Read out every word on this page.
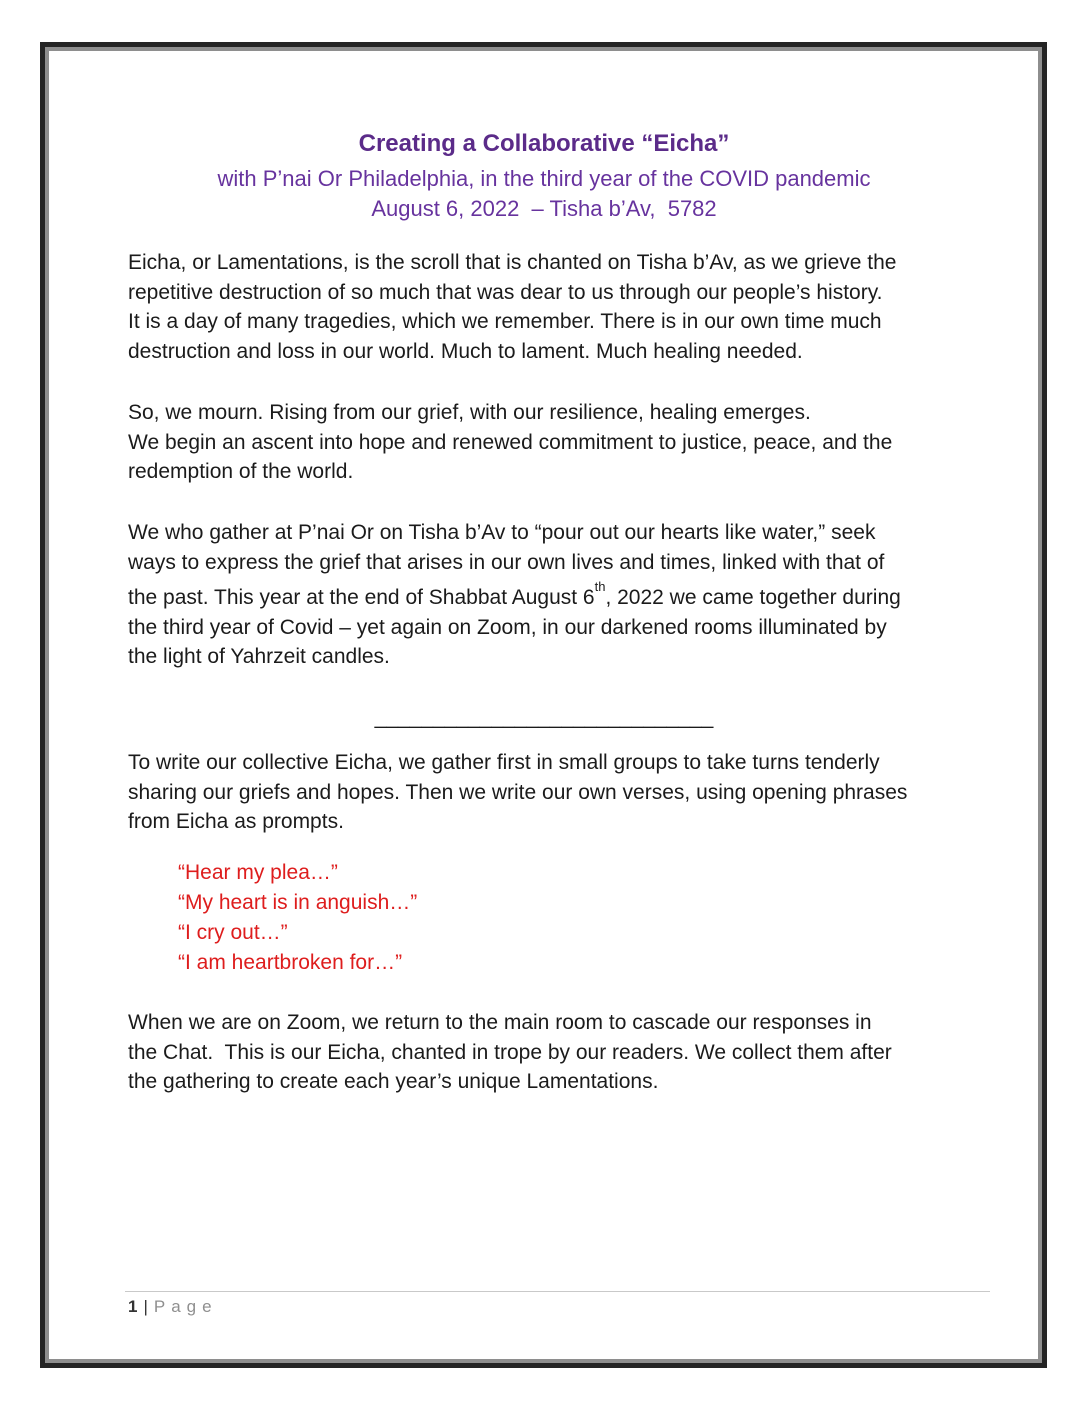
Creating a Collaborative “Eicha”
with P’nai Or Philadelphia, in the third year of the COVID pandemic
August 6, 2022  – Tisha b’Av,  5782
Eicha, or Lamentations, is the scroll that is chanted on Tisha b’Av, as we grieve the
repetitive destruction of so much that was dear to us through our people’s history.
It is a day of many tragedies, which we remember. There is in our own time much
destruction and loss in our world. Much to lament. Much healing needed.
So, we mourn. Rising from our grief, with our resilience, healing emerges.
We begin an ascent into hope and renewed commitment to justice, peace, and the
redemption of the world.
We who gather at P’nai Or on Tisha b’Av to “pour out our hearts like water,” seek
ways to express the grief that arises in our own lives and times, linked with that of
the past. This year at the end of Shabbat August 6th, 2022 we came together during
the third year of Covid – yet again on Zoom, in our darkened rooms illuminated by
the light of Yahrzeit candles.
_____________________________
To write our collective Eicha, we gather first in small groups to take turns tenderly
sharing our griefs and hopes. Then we write our own verses, using opening phrases
from Eicha as prompts.
“Hear my plea…”
“My heart is in anguish…”
“I cry out…”
“I am heartbroken for…”
When we are on Zoom, we return to the main room to cascade our responses in
the Chat.  This is our Eicha, chanted in trope by our readers. We collect them after
the gathering to create each year’s unique Lamentations.
1 | Page
